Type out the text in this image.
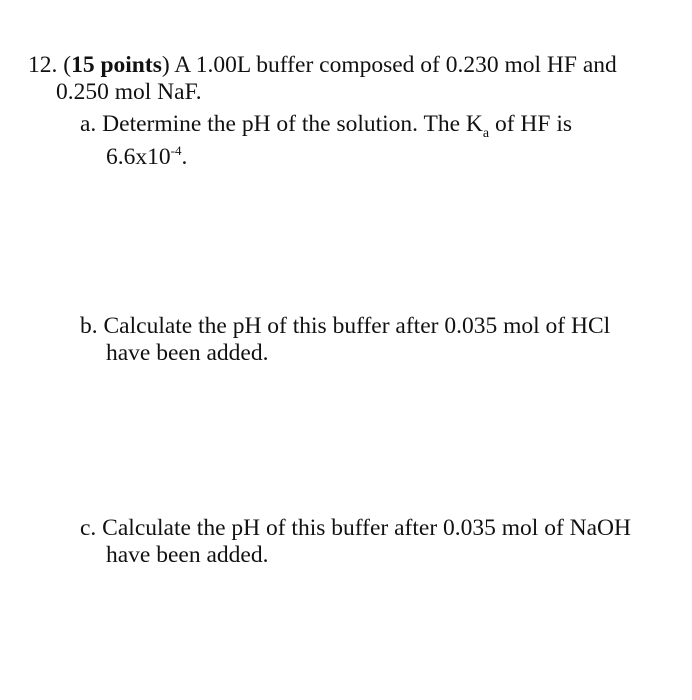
12. (15 points) A 1.00L buffer composed of 0.230 mol HF and
0.250 mol NaF.
a. Determine the pH of the solution. The $K_a$ of HF is
$6.6x10^{-4}$.
b. Calculate the pH of this buffer after 0.035 mol of HCl
have been added.
c. Calculate the pH of this buffer after 0.035 mol of NaOH
have been added.
